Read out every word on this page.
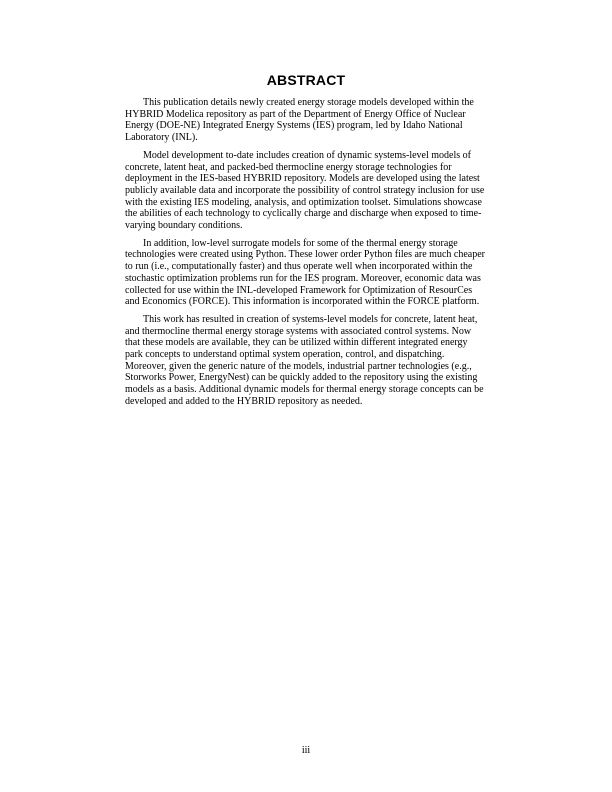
ABSTRACT

This publication details newly created energy storage models developed within the HYBRID Modelica repository as part of the Department of Energy Office of Nuclear Energy (DOE-NE) Integrated Energy Systems (IES) program, led by Idaho National Laboratory (INL).

Model development to-date includes creation of dynamic systems-level models of concrete, latent heat, and packed-bed thermocline energy storage technologies for deployment in the IES-based HYBRID repository. Models are developed using the latest publicly available data and incorporate the possibility of control strategy inclusion for use with the existing IES modeling, analysis, and optimization toolset. Simulations showcase the abilities of each technology to cyclically charge and discharge when exposed to time-varying boundary conditions.

In addition, low-level surrogate models for some of the thermal energy storage technologies were created using Python. These lower order Python files are much cheaper to run (i.e., computationally faster) and thus operate well when incorporated within the stochastic optimization problems run for the IES program. Moreover, economic data was collected for use within the INL-developed Framework for Optimization of ResourCes and Economics (FORCE). This information is incorporated within the FORCE platform.

This work has resulted in creation of systems-level models for concrete, latent heat, and thermocline thermal energy storage systems with associated control systems. Now that these models are available, they can be utilized within different integrated energy park concepts to understand optimal system operation, control, and dispatching. Moreover, given the generic nature of the models, industrial partner technologies (e.g., Storworks Power, EnergyNest) can be quickly added to the repository using the existing models as a basis. Additional dynamic models for thermal energy storage concepts can be developed and added to the HYBRID repository as needed.

iii
